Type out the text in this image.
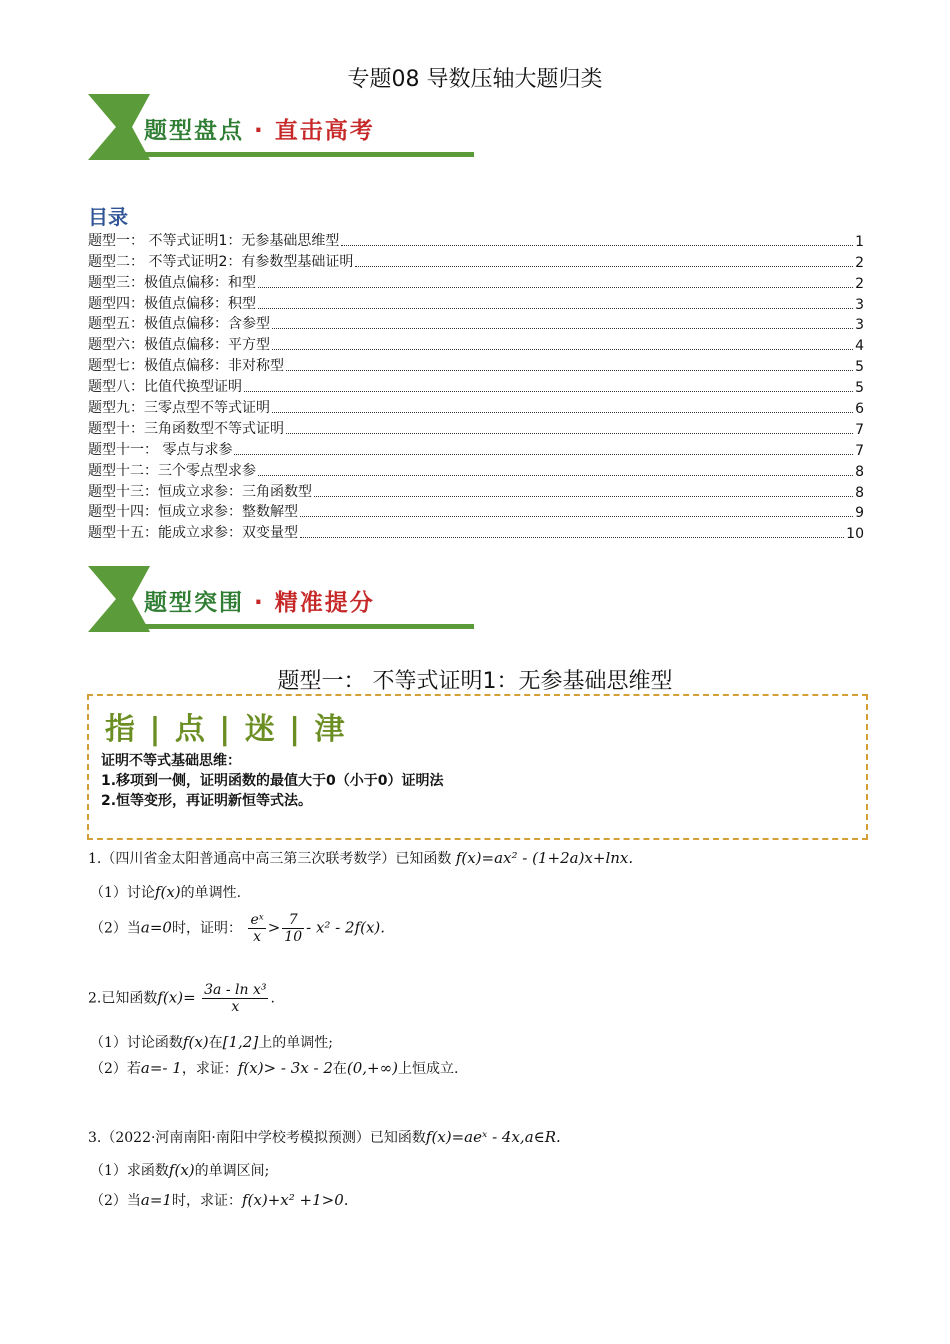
专题08 导数压轴大题归类
题型盘点 · 直击高考
目录
题型一： 不等式证明1：无参基础思维型	1
题型二： 不等式证明2：有参数型基础证明	2
题型三：极值点偏移：和型	2
题型四：极值点偏移：积型	3
题型五：极值点偏移：含参型	3
题型六：极值点偏移：平方型	4
题型七：极值点偏移：非对称型	5
题型八：比值代换型证明	5
题型九：三零点型不等式证明	6
题型十：三角函数型不等式证明	7
题型十一： 零点与求参	7
题型十二：三个零点型求参	8
题型十三：恒成立求参：三角函数型	8
题型十四：恒成立求参：整数解型	9
题型十五：能成立求参：双变量型	10
题型突围 · 精准提分
题型一： 不等式证明1：无参基础思维型
指 | 点 | 迷 | 津
证明不等式基础思维：
1.移项到一侧，证明函数的最值大于0（小于0）证明法
2.恒等变形，再证明新恒等式法。
1.（四川省金太阳普通高中高三第三次联考数学）已知函数 f(x)=ax² - (1+2a)x+lnx.
（1）讨论f(x)的单调性.
（2）当a=0时，证明： $\frac{\text{eˣ}}{x} > \frac{7}{10} - x^2 - 2f(x)$.
2.已知函数$f(x)= \frac{\text{3a - ln x³}}{x}$ .
（1）讨论函数f(x)在[1,2]上的单调性;
（2）若a=- 1，求证：f(x)> - 3x - 2在(0,+∞)上恒成立.
3.（2022·河南南阳·南阳中学校考模拟预测）已知函数f(x)=aeˣ - 4x,a∈R.
（1）求函数f(x)的单调区间;
（2）当a=1时，求证：f(x)+x² +1>0.
